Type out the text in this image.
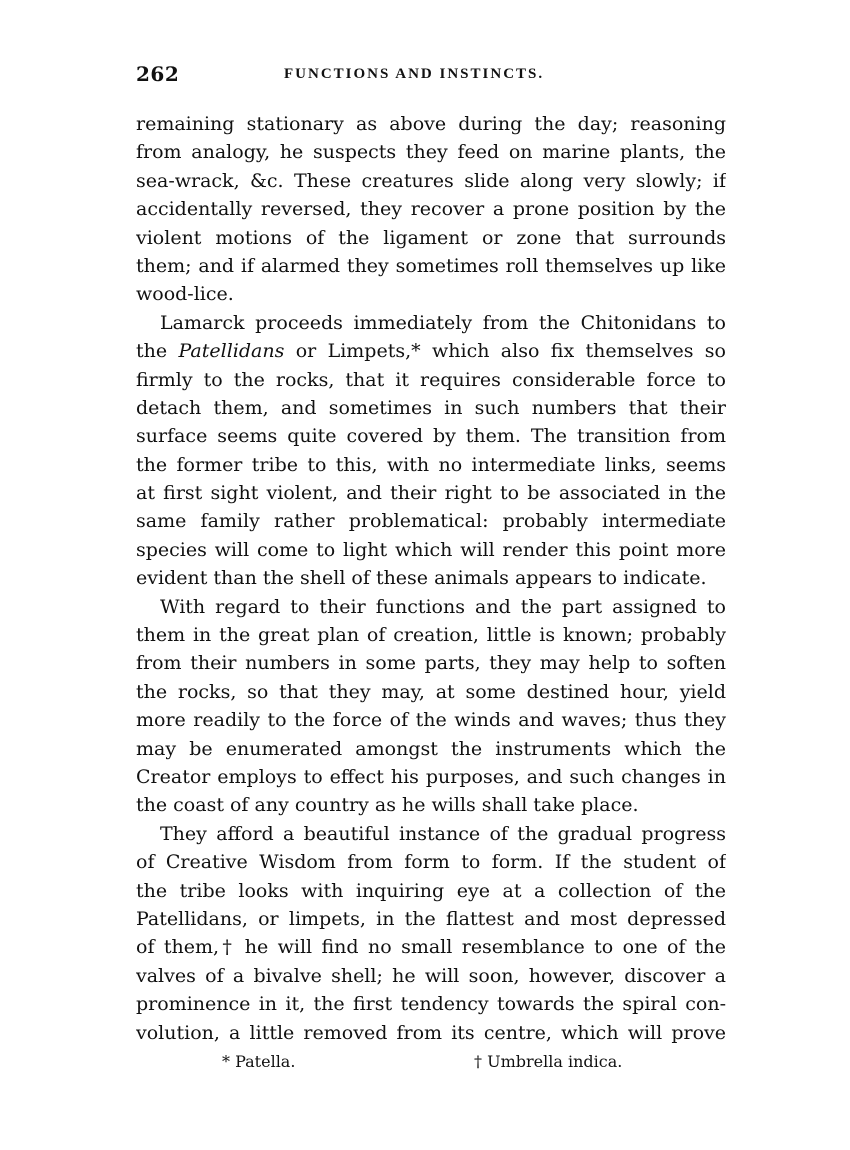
262	FUNCTIONS AND INSTINCTS.
remaining stationary as above during the day; reasoning
from analogy, he suspects they feed on marine plants, the
sea-wrack, &c. These creatures slide along very slowly; if
accidentally reversed, they recover a prone position by the
violent motions of the ligament or zone that surrounds
them; and if alarmed they sometimes roll themselves up like
wood-lice.
Lamarck proceeds immediately from the Chitonidans to
the Patellidans or Limpets,* which also fix themselves so
firmly to the rocks, that it requires considerable force to
detach them, and sometimes in such numbers that their
surface seems quite covered by them. The transition from
the former tribe to this, with no intermediate links, seems
at first sight violent, and their right to be associated in the
same family rather problematical: probably intermediate
species will come to light which will render this point more
evident than the shell of these animals appears to indicate.
With regard to their functions and the part assigned to
them in the great plan of creation, little is known; probably
from their numbers in some parts, they may help to soften
the rocks, so that they may, at some destined hour, yield
more readily to the force of the winds and waves; thus they
may be enumerated amongst the instruments which the
Creator employs to effect his purposes, and such changes in
the coast of any country as he wills shall take place.
They afford a beautiful instance of the gradual progress
of Creative Wisdom from form to form. If the student of
the tribe looks with inquiring eye at a collection of the
Patellidans, or limpets, in the flattest and most depressed
of them,† he will find no small resemblance to one of the
valves of a bivalve shell; he will soon, however, discover a
prominence in it, the first tendency towards the spiral con-
volution, a little removed from its centre, which will prove
* Patella.	† Umbrella indica.
